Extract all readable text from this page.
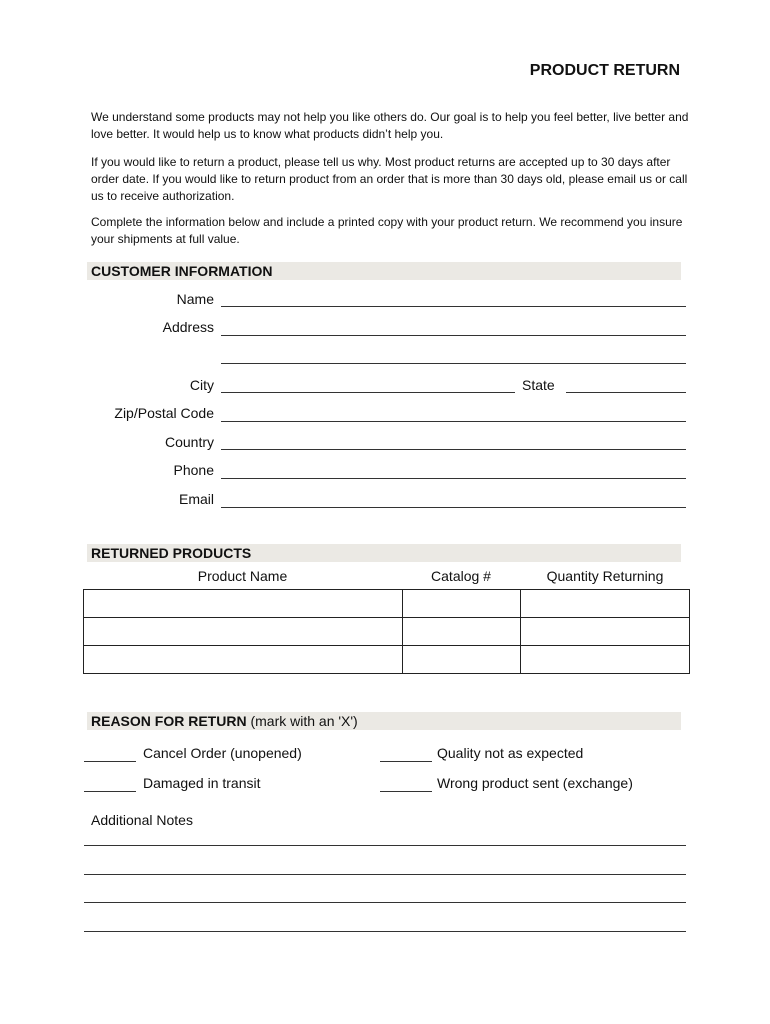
PRODUCT RETURN
We understand some products may not help you like others do. Our goal is to help you feel better, live better and love better. It would help us to know what products didn’t help you.
If you would like to return a product, please tell us why. Most product returns are accepted up to 30 days after order date. If you would like to return product from an order that is more than 30 days old, please email us or call us to receive authorization.
Complete the information below and include a printed copy with your product return. We recommend you insure your shipments at full value.
CUSTOMER INFORMATION
Name
Address
City	State
Zip/Postal Code
Country
Phone
Email
RETURNED PRODUCTS
Product Name	Catalog #	Quantity Returning

REASON FOR RETURN (mark with an 'X')
Cancel Order (unopened)	Quality not as expected
Damaged in transit	Wrong product sent (exchange)
Additional Notes
